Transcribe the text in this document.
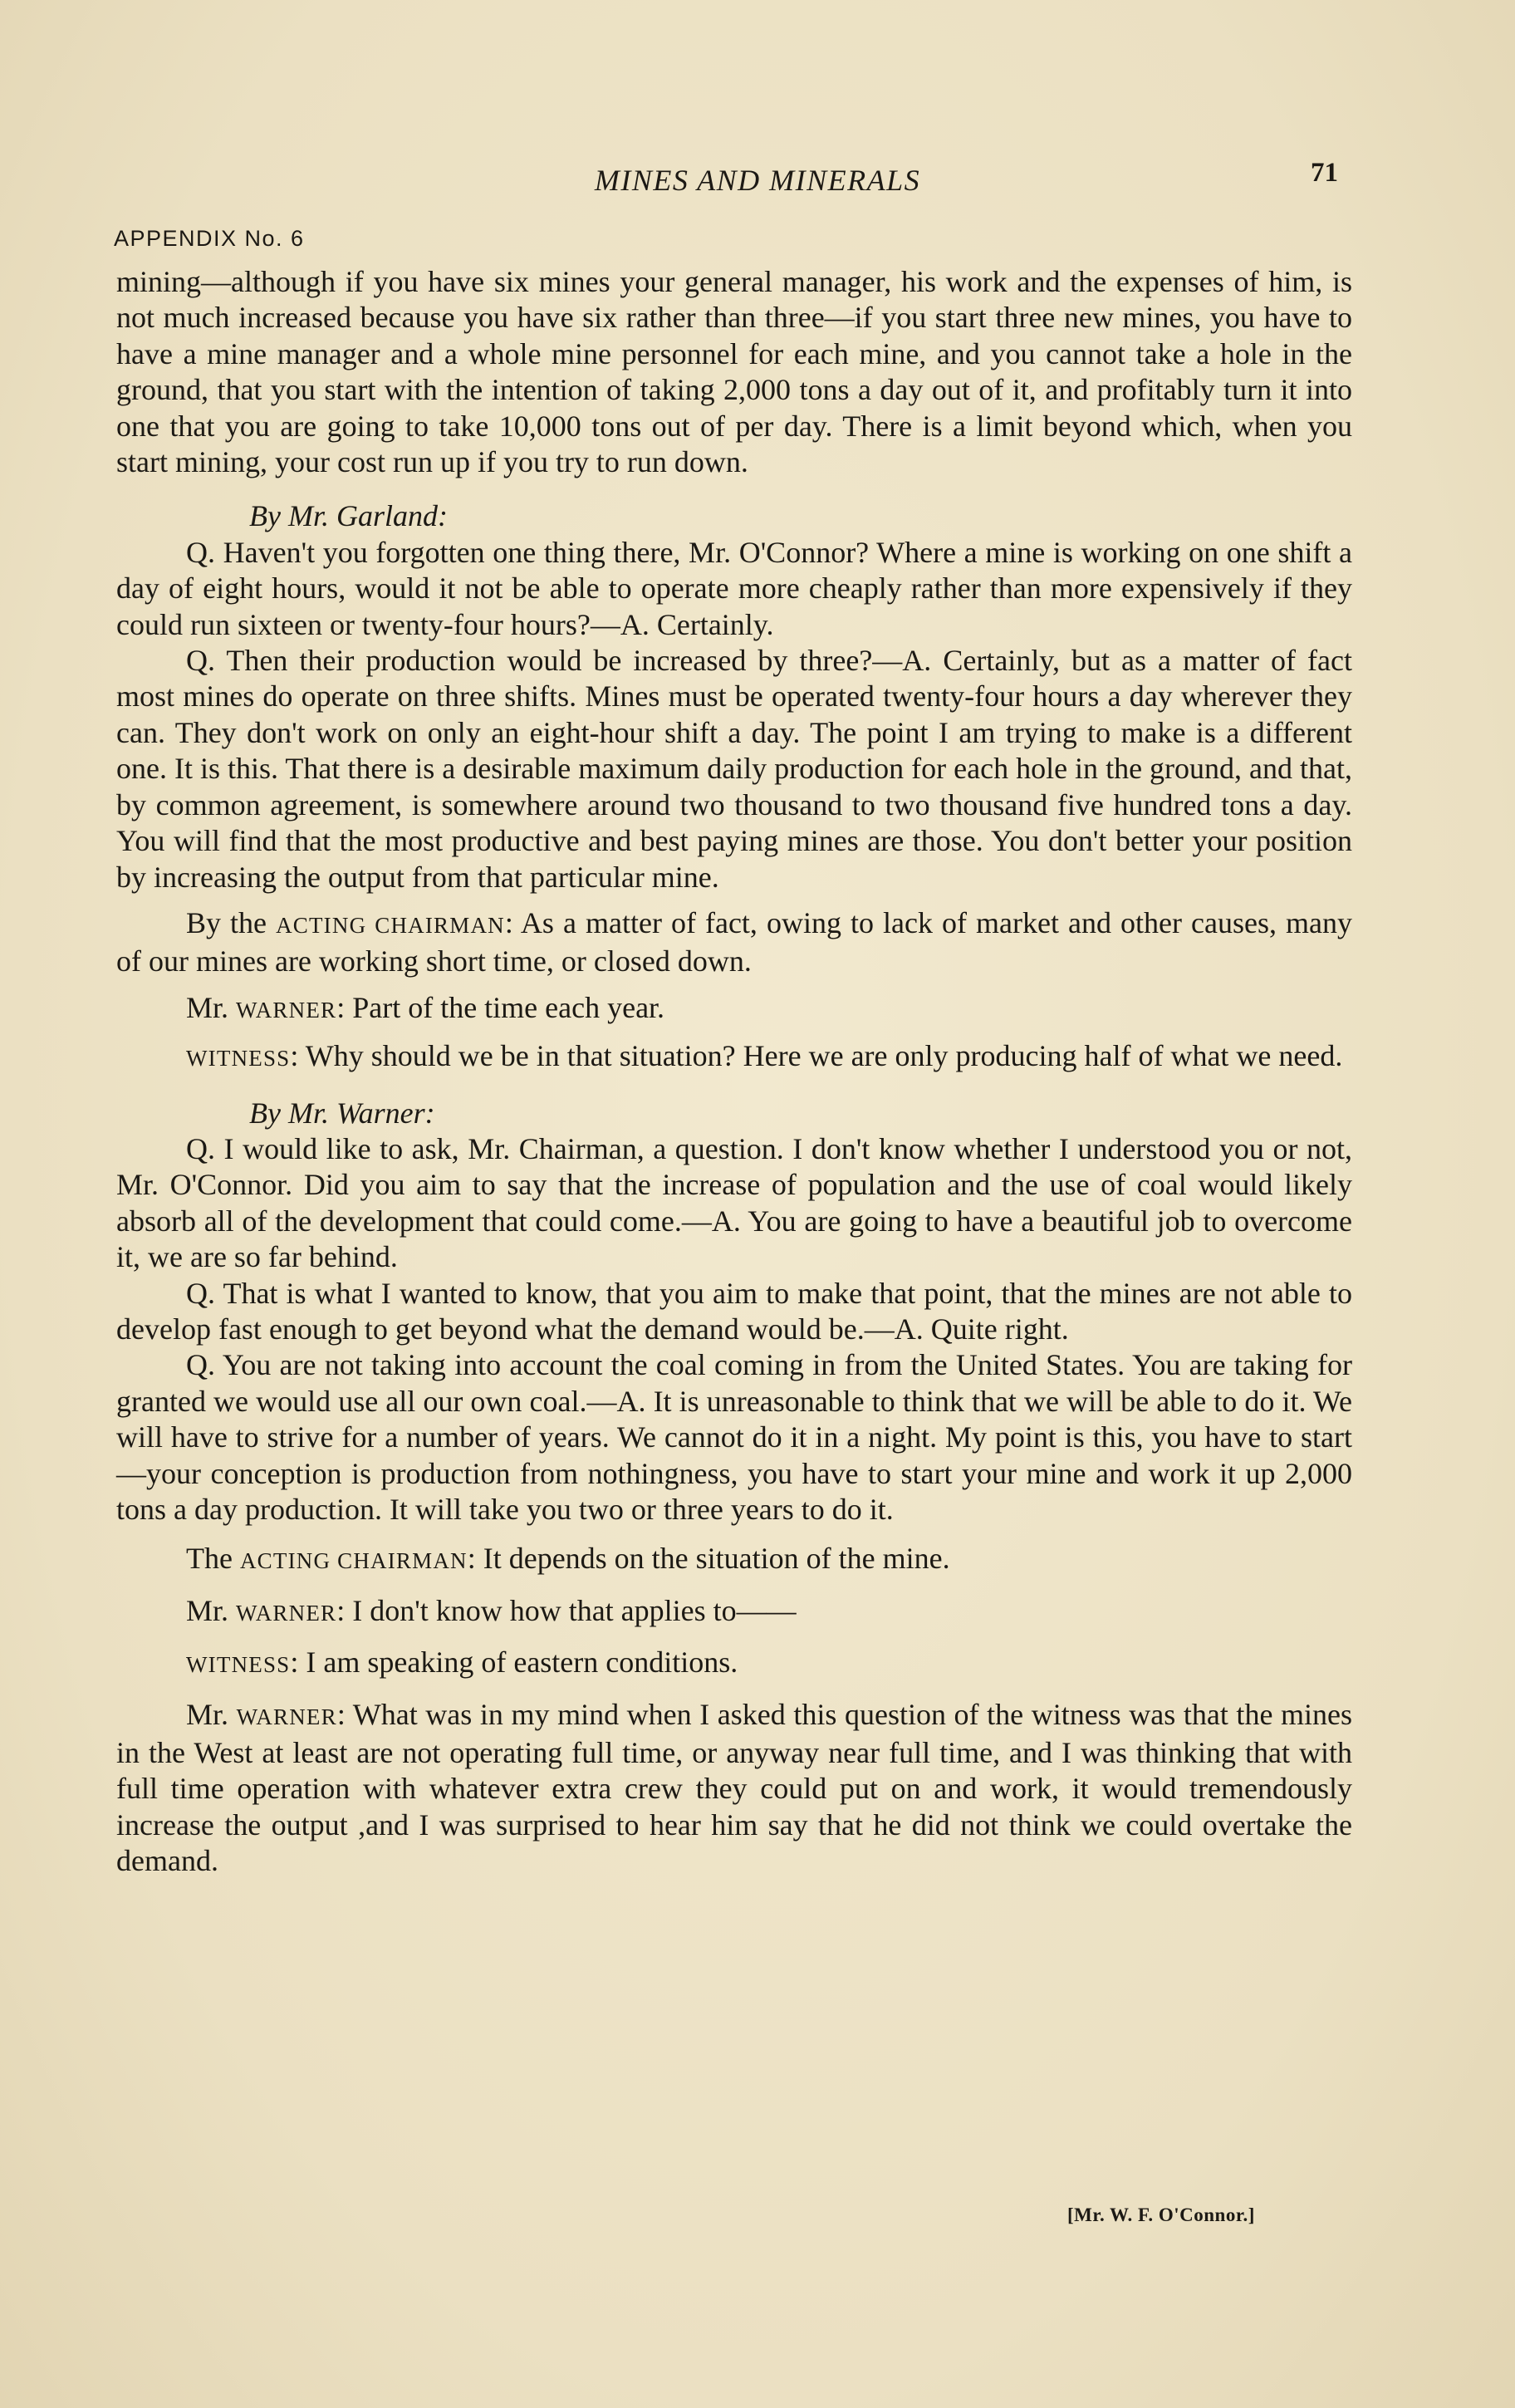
MINES AND MINERALS	71

APPENDIX No. 6

mining—although if you have six mines your general manager, his work and the expenses of him, is not much increased because you have six rather than three—if you start three new mines, you have to have a mine manager and a whole mine personnel for each mine, and you cannot take a hole in the ground, that you start with the intention of taking 2,000 tons a day out of it, and profitably turn it into one that you are going to take 10,000 tons out of per day. There is a limit beyond which, when you start mining, your cost run up if you try to run down.

By Mr. Garland:

Q. Haven't you forgotten one thing there, Mr. O'Connor? Where a mine is working on one shift a day of eight hours, would it not be able to operate more cheaply rather than more expensively if they could run sixteen or twenty-four hours?—A. Certainly.

Q. Then their production would be increased by three?—A. Certainly, but as a matter of fact most mines do operate on three shifts. Mines must be operated twenty-four hours a day wherever they can. They don't work on only an eight-hour shift a day. The point I am trying to make is a different one. It is this. That there is a desirable maximum daily production for each hole in the ground, and that, by common agreement, is somewhere around two thousand to two thousand five hundred tons a day. You will find that the most productive and best paying mines are those. You don't better your position by increasing the output from that particular mine.

By the ACTING CHAIRMAN: As a matter of fact, owing to lack of market and other causes, many of our mines are working short time, or closed down.

Mr. WARNER: Part of the time each year.

WITNESS: Why should we be in that situation? Here we are only producing half of what we need.

By Mr. Warner:

Q. I would like to ask, Mr. Chairman, a question. I don't know whether I understood you or not, Mr. O'Connor. Did you aim to say that the increase of population and the use of coal would likely absorb all of the development that could come.—A. You are going to have a beautiful job to overcome it, we are so far behind.

Q. That is what I wanted to know, that you aim to make that point, that the mines are not able to develop fast enough to get beyond what the demand would be.—A. Quite right.

Q. You are not taking into account the coal coming in from the United States. You are taking for granted we would use all our own coal.—A. It is unreasonable to think that we will be able to do it. We will have to strive for a number of years. We cannot do it in a night. My point is this, you have to start—your conception is production from nothingness, you have to start your mine and work it up 2,000 tons a day production. It will take you two or three years to do it.

The ACTING CHAIRMAN: It depends on the situation of the mine.

Mr. WARNER: I don't know how that applies to——

WITNESS: I am speaking of eastern conditions.

Mr. WARNER: What was in my mind when I asked this question of the witness was that the mines in the West at least are not operating full time, or anyway near full time, and I was thinking that with full time operation with whatever extra crew they could put on and work, it would tremendously increase the output ,and I was surprised to hear him say that he did not think we could overtake the demand.

[Mr. W. F. O'Connor.]
